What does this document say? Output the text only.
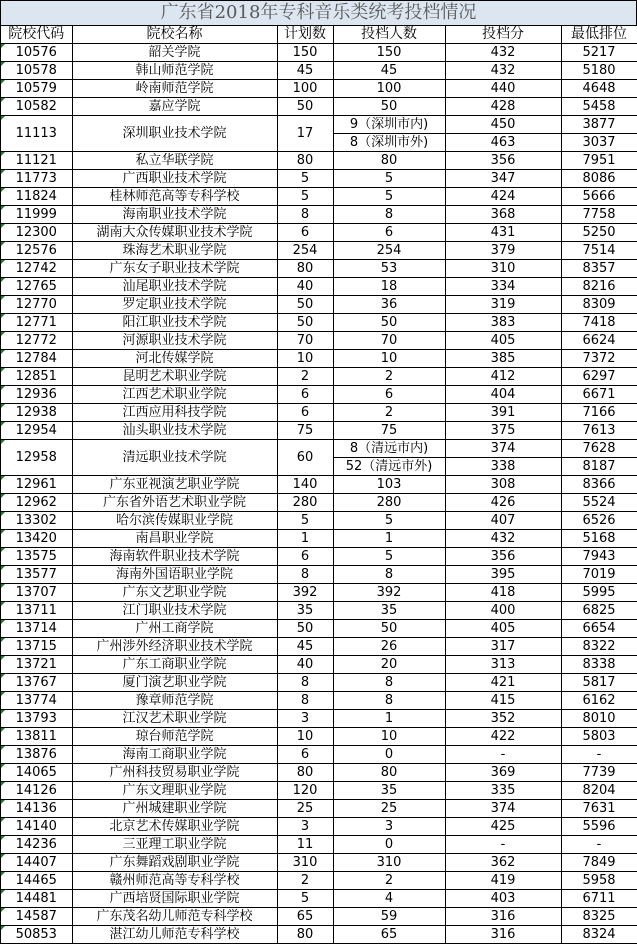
广东省2018年专科音乐类统考投档情况
院校代码	院校名称	计划数	投档人数	投档分	最低排位
10576	韶关学院	150	150	432	5217
10578	韩山师范学院	45	45	432	5180
10579	岭南师范学院	100	100	440	4648
10582	嘉应学院	50	50	428	5458
11113	深圳职业技术学院	17	9（深圳市内)	450	3877
			8（深圳市外)	463	3037
11121	私立华联学院	80	80	356	7951
11773	广西职业技术学院	5	5	347	8086
11824	桂林师范高等专科学校	5	5	424	5666
11999	海南职业技术学院	8	8	368	7758
12300	湖南大众传媒职业技术学院	6	6	431	5250
12576	珠海艺术职业学院	254	254	379	7514
12742	广东女子职业技术学院	80	53	310	8357
12765	汕尾职业技术学院	40	18	334	8216
12770	罗定职业技术学院	50	36	319	8309
12771	阳江职业技术学院	50	50	383	7418
12772	河源职业技术学院	70	70	405	6624
12784	河北传媒学院	10	10	385	7372
12851	昆明艺术职业学院	2	2	412	6297
12936	江西艺术职业学院	6	6	404	6671
12938	江西应用科技学院	6	2	391	7166
12954	汕头职业技术学院	75	75	375	7613
12958	清远职业技术学院	60	8（清远市内)	374	7628
			52（清远市外)	338	8187
12961	广东亚视演艺职业学院	140	103	308	8366
12962	广东省外语艺术职业学院	280	280	426	5524
13302	哈尔滨传媒职业学院	5	5	407	6526
13420	南昌职业学院	1	1	432	5168
13575	海南软件职业技术学院	6	5	356	7943
13577	海南外国语职业学院	8	8	395	7019
13707	广东文艺职业学院	392	392	418	5995
13711	江门职业技术学院	35	35	400	6825
13714	广州工商学院	50	50	405	6654
13715	广州涉外经济职业技术学院	45	26	317	8322
13721	广东工商职业学院	40	20	313	8338
13767	厦门演艺职业学院	8	8	421	5817
13774	豫章师范学院	8	8	415	6162
13793	江汉艺术职业学院	3	1	352	8010
13811	琼台师范学院	10	10	422	5803
13876	海南工商职业学院	6	0	-	-
14065	广州科技贸易职业学院	80	80	369	7739
14126	广东文理职业学院	120	35	335	8204
14136	广州城建职业学院	25	25	374	7631
14140	北京艺术传媒职业学院	3	3	425	5596
14236	三亚理工职业学院	11	0	-	-
14407	广东舞蹈戏剧职业学院	310	310	362	7849
14465	赣州师范高等专科学校	2	2	419	5958
14481	广西培贤国际职业学院	5	4	403	6711
14587	广东茂名幼儿师范专科学校	65	59	316	8325
50853	湛江幼儿师范专科学校	80	65	316	8324
